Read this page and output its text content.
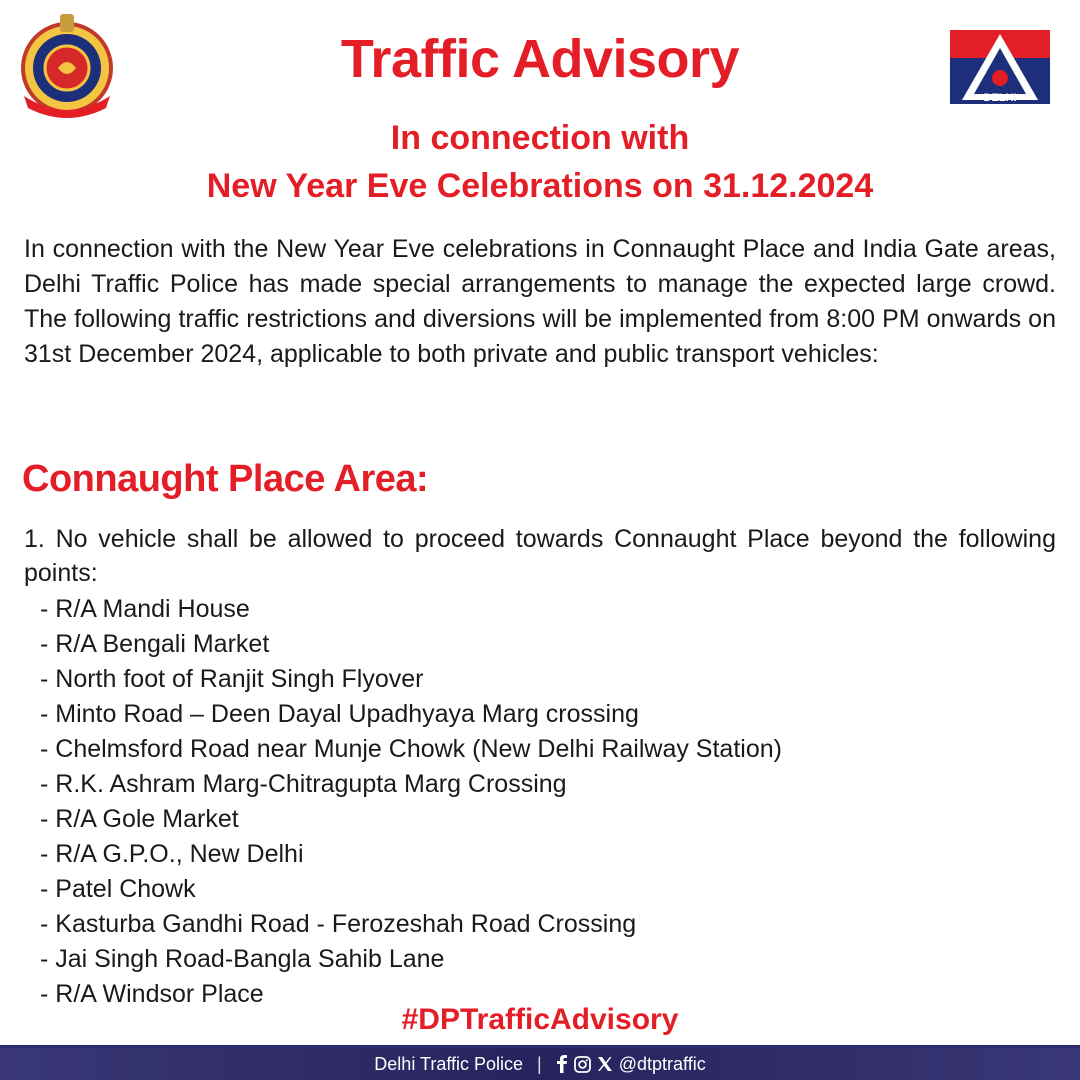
Traffic Advisory
In connection with
New Year Eve Celebrations on 31.12.2024
DELHI
In connection with the New Year Eve celebrations in Connaught Place and India Gate areas, Delhi Traffic Police has made special arrangements to manage the expected large crowd. The following traffic restrictions and diversions will be implemented from 8:00 PM onwards on 31st December 2024, applicable to both private and public transport vehicles:
Connaught Place Area:
1. No vehicle shall be allowed to proceed towards Connaught Place beyond the following points:
- R/A Mandi House
- R/A Bengali Market
- North foot of Ranjit Singh Flyover
- Minto Road – Deen Dayal Upadhyaya Marg crossing
- Chelmsford Road near Munje Chowk (New Delhi Railway Station)
- R.K. Ashram Marg-Chitragupta Marg Crossing
- R/A Gole Market
- R/A G.P.O., New Delhi
- Patel Chowk
- Kasturba Gandhi Road - Ferozeshah Road Crossing
- Jai Singh Road-Bangla Sahib Lane
- R/A Windsor Place
#DPTrafficAdvisory
Delhi Traffic Police |	@dtptraffic
